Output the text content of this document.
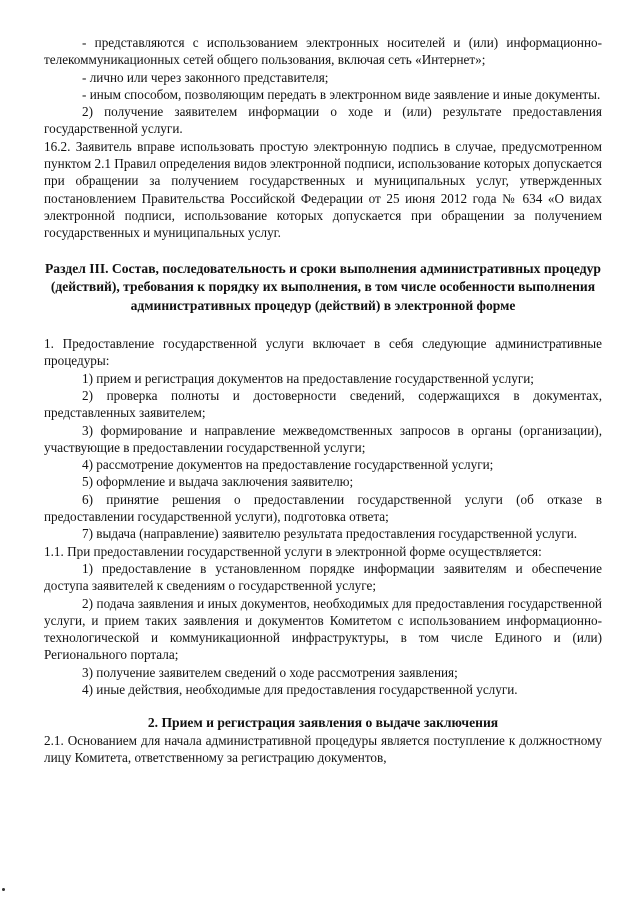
- представляются с использованием электронных носителей и (или) информационно-телекоммуникационных сетей общего пользования, включая сеть «Интернет»;

- лично или через законного представителя;

- иным способом, позволяющим передать в электронном виде заявление и иные документы.

2) получение заявителем информации о ходе и (или) результате предоставления государственной услуги.

16.2. Заявитель вправе использовать простую электронную подпись в случае, предусмотренном пунктом 2.1 Правил определения видов электронной подписи, использование которых допускается при обращении за получением государственных и муниципальных услуг, утвержденных постановлением Правительства Российской Федерации от 25 июня 2012 года № 634 «О видах электронной подписи, использование которых допускается при обращении за получением государственных и муниципальных услуг.

Раздел III. Состав, последовательность и сроки выполнения административных процедур (действий), требования к порядку их выполнения, в том числе особенности выполнения административных процедур (действий) в электронной форме

1. Предоставление государственной услуги включает в себя следующие административные процедуры:

1) прием и регистрация документов на предоставление государственной услуги;

2) проверка полноты и достоверности сведений, содержащихся в документах, представленных заявителем;

3) формирование и направление межведомственных запросов в органы (организации), участвующие в предоставлении государственной услуги;

4) рассмотрение документов на предоставление государственной услуги;

5) оформление и выдача заключения заявителю;

6) принятие решения о предоставлении государственной услуги (об отказе в предоставлении государственной услуги), подготовка ответа;

7) выдача (направление) заявителю результата предоставления государственной услуги.

1.1. При предоставлении государственной услуги в электронной форме осуществляется:

1) предоставление в установленном порядке информации заявителям и обеспечение доступа заявителей к сведениям о государственной услуге;

2) подача заявления и иных документов, необходимых для предоставления государственной услуги, и прием таких заявления и документов Комитетом с использованием информационно-технологической и коммуникационной инфраструктуры, в том числе Единого и (или) Регионального портала;

3) получение заявителем сведений о ходе рассмотрения заявления;

4) иные действия, необходимые для предоставления государственной услуги.

2. Прием и регистрация заявления о выдаче заключения

2.1. Основанием для начала административной процедуры является поступление к должностному лицу Комитета, ответственному за регистрацию документов,
